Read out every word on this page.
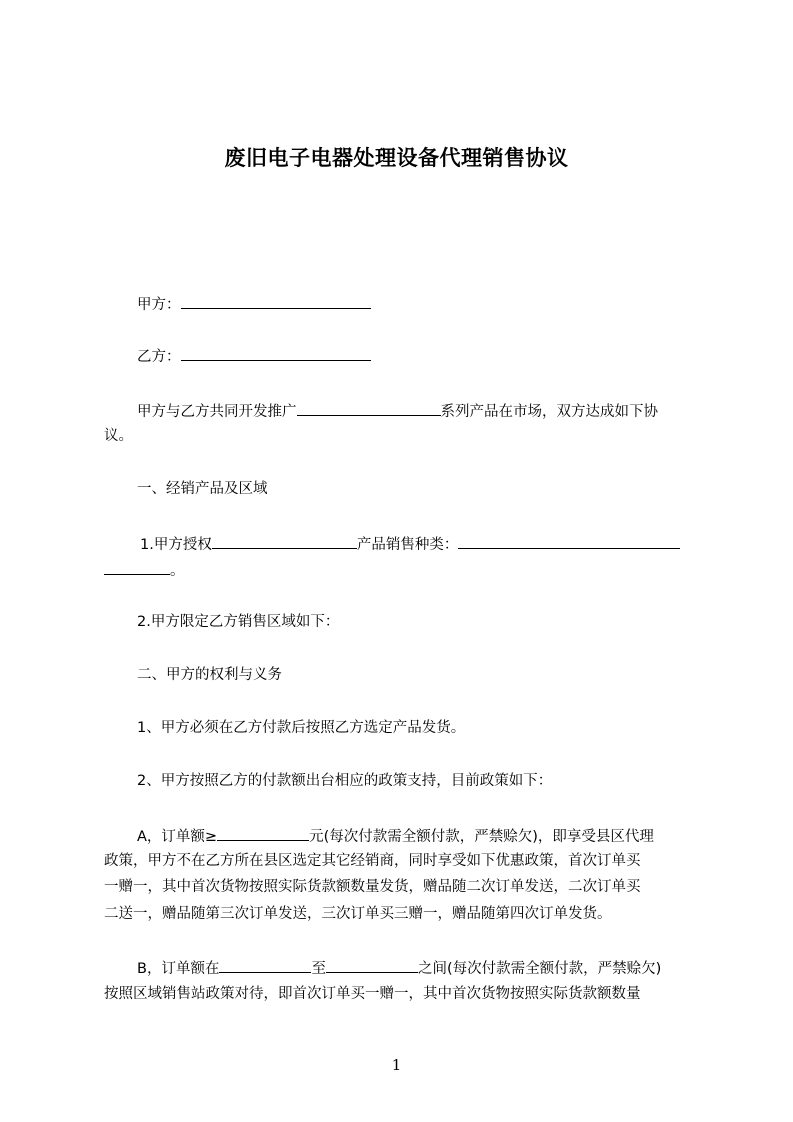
废旧电子电器处理设备代理销售协议
甲方：
乙方：
甲方与乙方共同开发推广	系列产品在市场，双方达成如下协
议。
一、经销产品及区域
1.甲方授权	产品销售种类：
。
2.甲方限定乙方销售区域如下：
二、甲方的权利与义务
1、甲方必须在乙方付款后按照乙方选定产品发货。
2、甲方按照乙方的付款额出台相应的政策支持，目前政策如下：
A，订单额≥	元(每次付款需全额付款，严禁赊欠)，即享受县区代理
政策，甲方不在乙方所在县区选定其它经销商，同时享受如下优惠政策，首次订单买
一赠一，其中首次货物按照实际货款额数量发货，赠品随二次订单发送，二次订单买
二送一，赠品随第三次订单发送，三次订单买三赠一，赠品随第四次订单发货。
B，订单额在	至	之间(每次付款需全额付款，严禁赊欠)
按照区域销售站政策对待，即首次订单买一赠一，其中首次货物按照实际货款额数量
1
